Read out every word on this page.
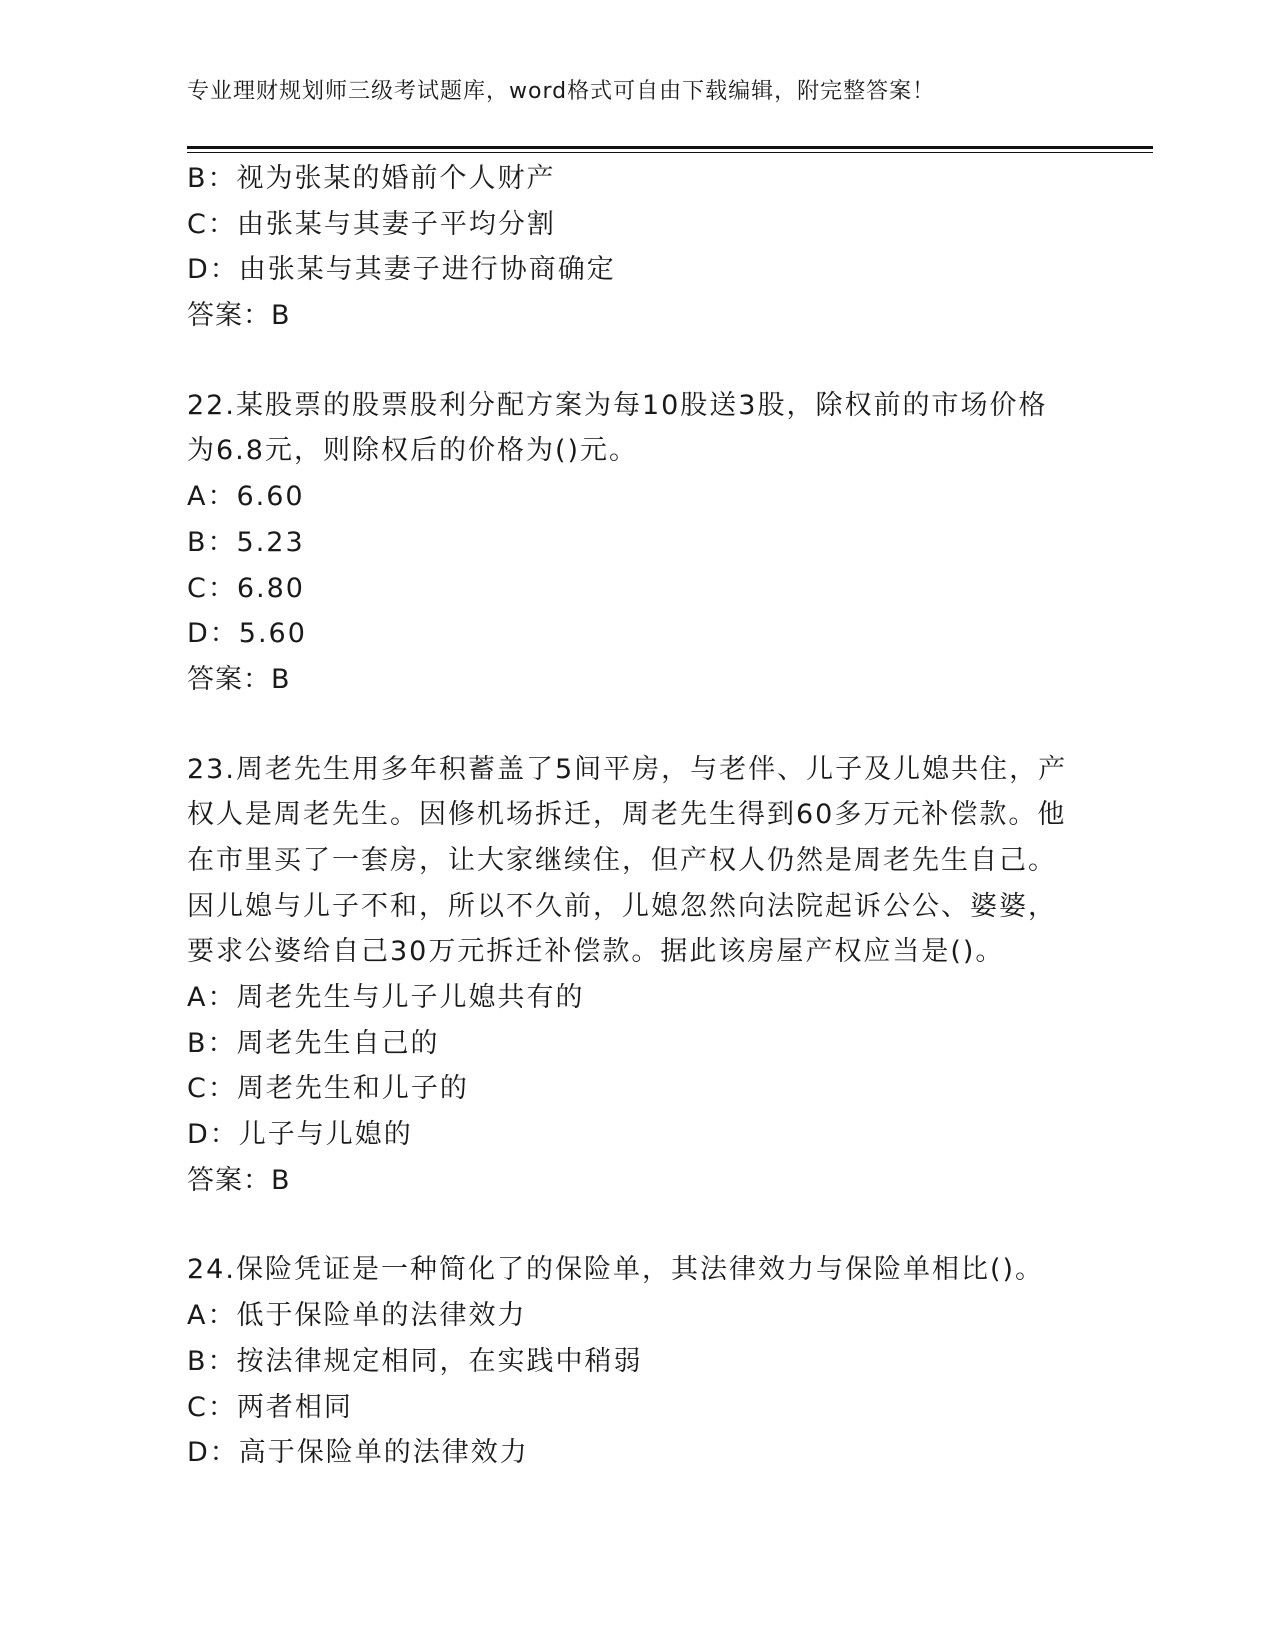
专业理财规划师三级考试题库，word格式可自由下载编辑，附完整答案！
B：视为张某的婚前个人财产
C：由张某与其妻子平均分割
D：由张某与其妻子进行协商确定
答案：B
22.某股票的股票股利分配方案为每10股送3股，除权前的市场价格
为6.8元，则除权后的价格为()元。
A：6.60
B：5.23
C：6.80
D：5.60
答案：B
23.周老先生用多年积蓄盖了5间平房，与老伴、儿子及儿媳共住，产
权人是周老先生。因修机场拆迁，周老先生得到60多万元补偿款。他
在市里买了一套房，让大家继续住，但产权人仍然是周老先生自己。
因儿媳与儿子不和，所以不久前，儿媳忽然向法院起诉公公、婆婆，
要求公婆给自己30万元拆迁补偿款。据此该房屋产权应当是()。
A：周老先生与儿子儿媳共有的
B：周老先生自己的
C：周老先生和儿子的
D：儿子与儿媳的
答案：B
24.保险凭证是一种简化了的保险单，其法律效力与保险单相比()。
A：低于保险单的法律效力
B：按法律规定相同，在实践中稍弱
C：两者相同
D：高于保险单的法律效力
